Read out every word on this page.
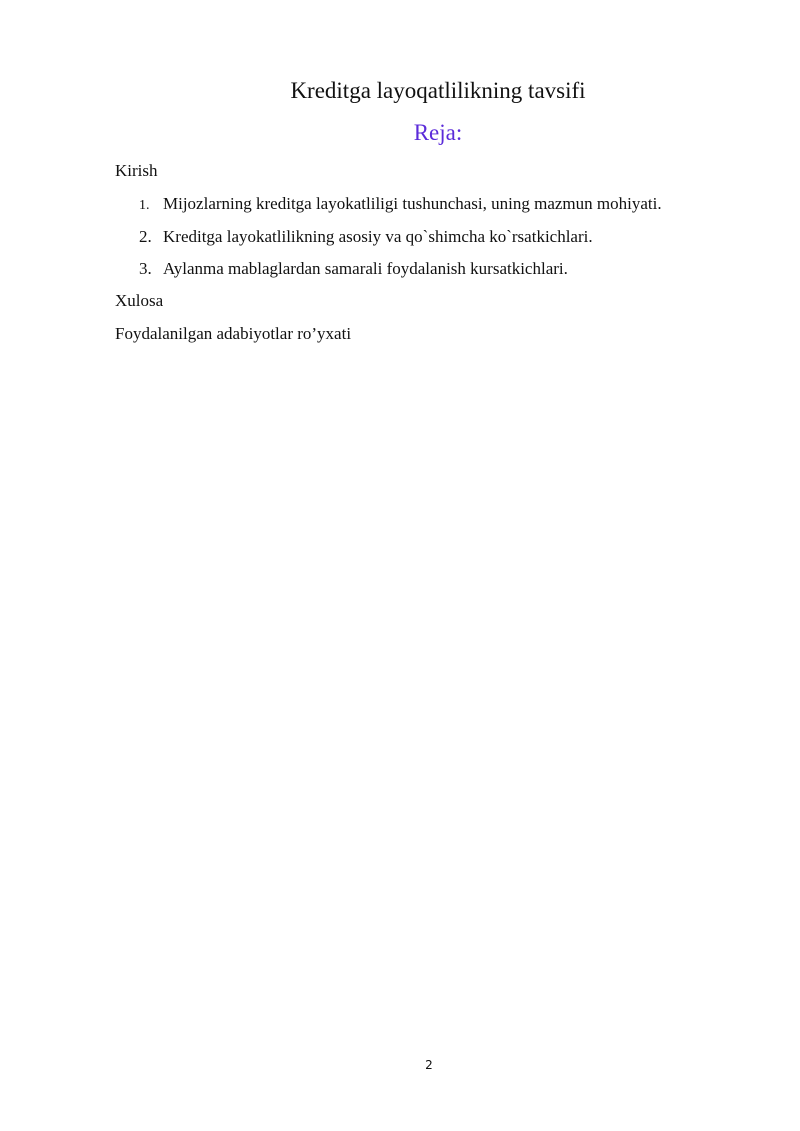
Kreditga layoqatlilikning tavsifi
Reja:
Kirish
1. Mijozlarning kreditga layokatliligi tushunchasi, uning mazmun mohiyati.
2. Kreditga layokatlilikning asosiy va qo`shimcha ko`rsatkichlari.
3. Aylanma mablaglardan samarali foydalanish kursatkichlari.
Xulosa
Foydalanilgan adabiyotlar ro’yxati
2
